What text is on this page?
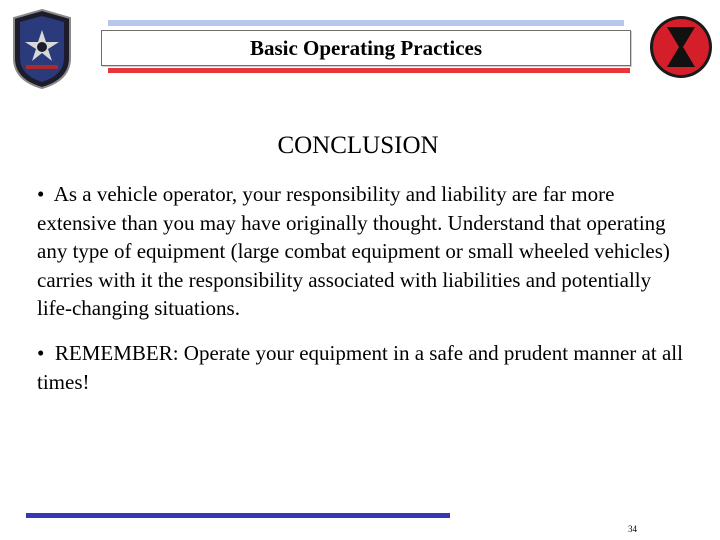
Basic Operating Practices
CONCLUSION
• As a vehicle operator, your responsibility and liability are far more extensive than you may have originally thought. Understand that operating any type of equipment (large combat equipment or small wheeled vehicles) carries with it the responsibility associated with liabilities and potentially life-changing situations.
• REMEMBER: Operate your equipment in a safe and prudent manner at all times!
34
